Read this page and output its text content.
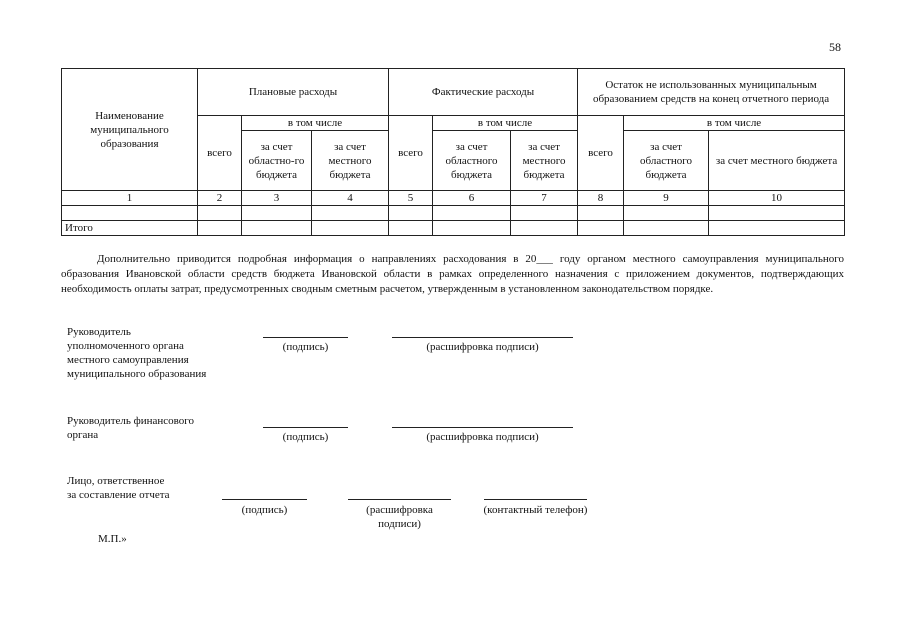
58
Наименование муниципального образования	Плановые расходы			Фактические расходы			Остаток не использованных муниципальным образованием средств на конец отчетного периода		
	всего	в том числе		всего	в том числе		всего	в том числе	
		за счет областно-го бюджета	за счет местного бюджета		за счет областного бюджета	за счет местного бюджета		за счет областного бюджета	за счет местного бюджета
1	2	3	4	5	6	7	8	9	10

Итого									
Дополнительно приводится подробная информация о направлениях расходования в 20___ году органом местного самоуправления муниципального образования Ивановской области средств бюджета Ивановской области в рамках определенного назначения с приложением документов, подтверждающих необходимость оплаты затрат, предусмотренных сводным сметным расчетом, утвержденным в установленном законодательством порядке.
Руководитель
уполномоченного органа
местного самоуправления
муниципального образования
(подпись)	(расшифровка подписи)
Руководитель финансового
органа	(подпись)	(расшифровка подписи)
Лицо, ответственное
за составление отчета
(подпись)	(расшифровка
подписи)
(контактный телефон)
М.П.»
